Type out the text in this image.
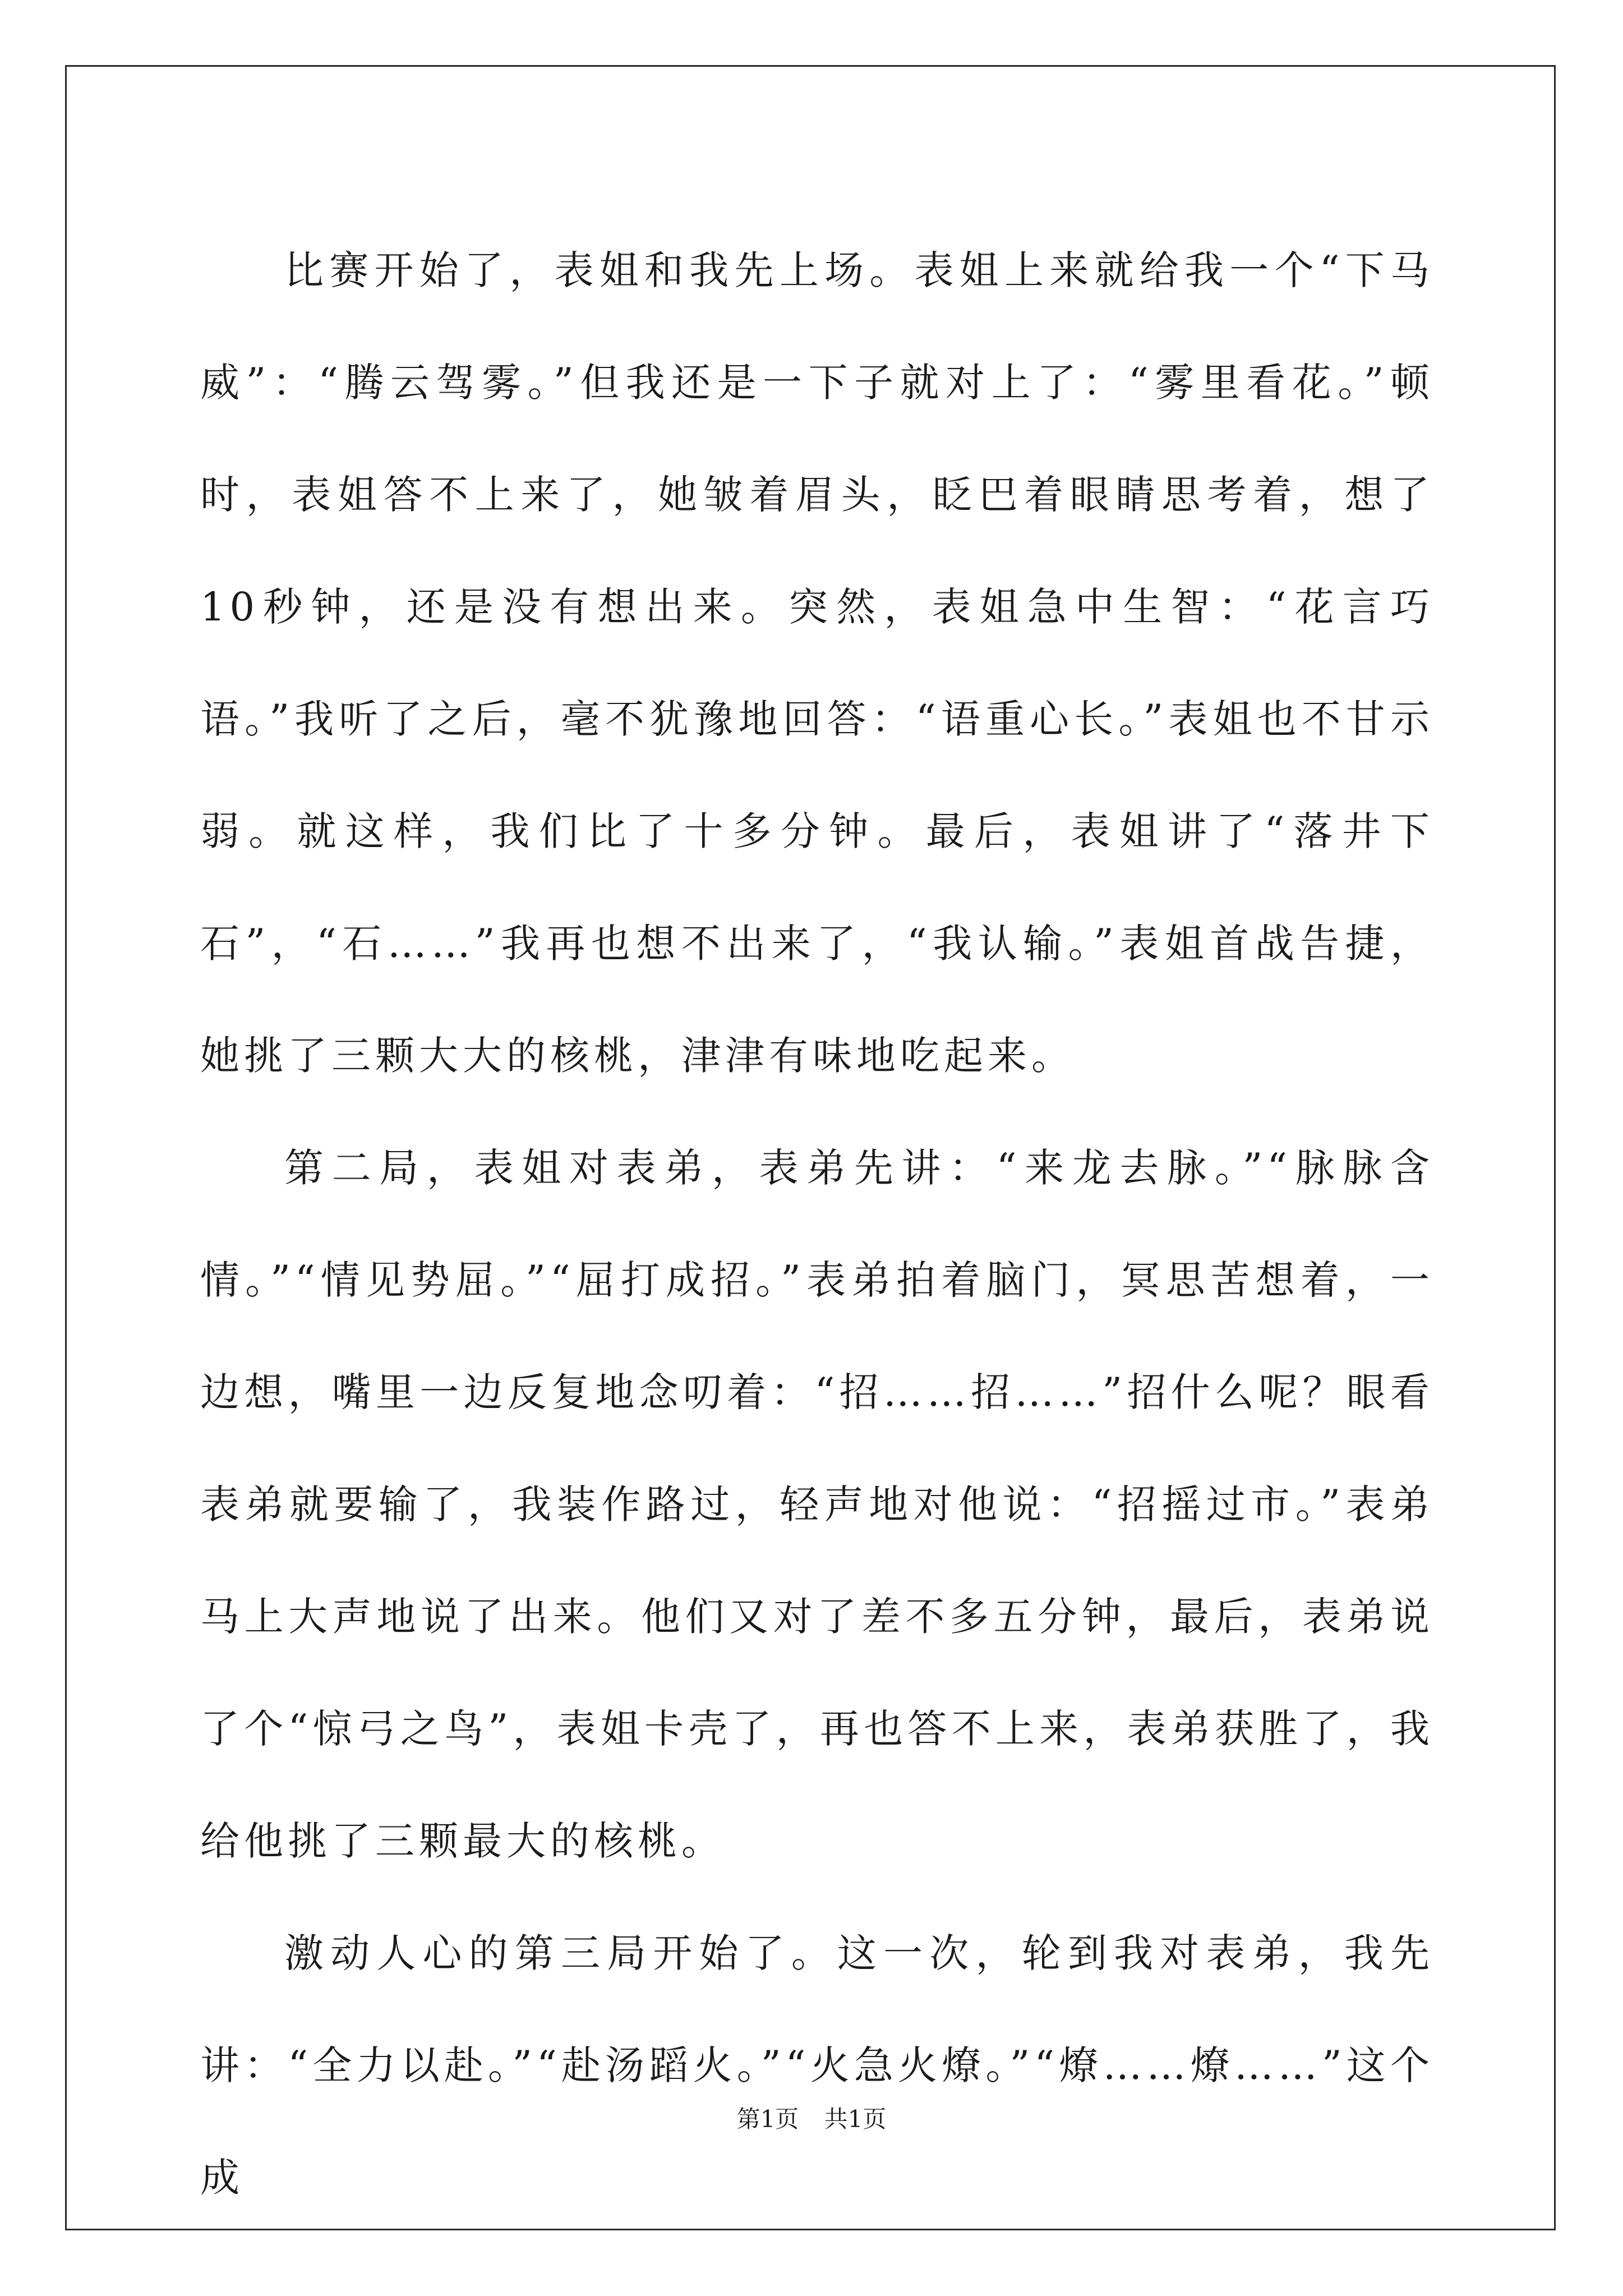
比赛开始了，表姐和我先上场。表姐上来就给我一个“下马威”：“腾云驾雾。”但我还是一下子就对上了：“雾里看花。”顿时，表姐答不上来了，她皱着眉头，眨巴着眼睛思考着，想了10秒钟，还是没有想出来。突然，表姐急中生智：“花言巧语。”我听了之后，毫不犹豫地回答：“语重心长。”表姐也不甘示弱。就这样，我们比了十多分钟。最后，表姐讲了“落井下石”，“石……”我再也想不出来了，“我认输。”表姐首战告捷，她挑了三颗大大的核桃，津津有味地吃起来。

第二局，表姐对表弟，表弟先讲：“来龙去脉。”“脉脉含情。”“情见势屈。”“屈打成招。”表弟拍着脑门，冥思苦想着，一边想，嘴里一边反复地念叨着：“招……招……”招什么呢？眼看表弟就要输了，我装作路过，轻声地对他说：“招摇过市。”表弟马上大声地说了出来。他们又对了差不多五分钟，最后，表弟说了个“惊弓之鸟”，表姐卡壳了，再也答不上来，表弟获胜了，我给他挑了三颗最大的核桃。

激动人心的第三局开始了。这一次，轮到我对表弟，我先讲：“全力以赴。”“赴汤蹈火。”“火急火燎。”“燎……燎……”这个成

第1页 共1页
